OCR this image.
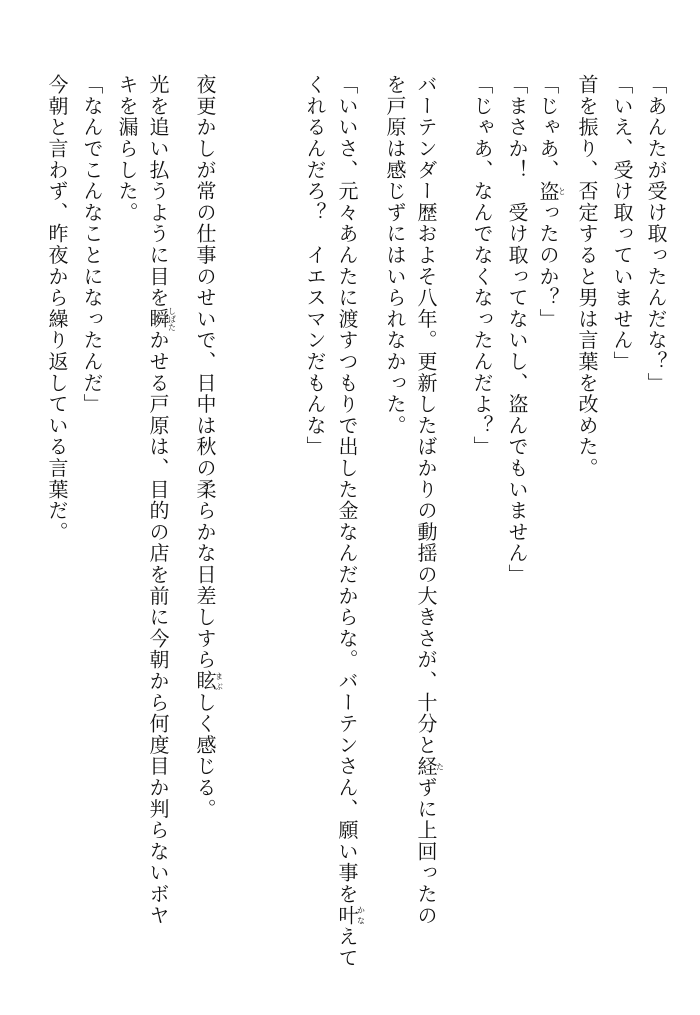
「あんたが受け取ったんだな？」
「いえ、受け取っていません」
首を振り、否定すると男は言葉を改めた。
「じゃあ、盗とったのか？」
「まさか！　受け取ってないし、盗んでもいません」
「じゃあ、なんでなくなったんだよ？」
バーテンダー歴およそ八年。更新したばかりの動揺の大きさが、十分と経たずに上回ったの
を戸原は感じずにはいられなかった。
「いいさ、元々あんたに渡すつもりで出した金なんだからな。バーテンさん、願い事を叶かなえて
くれるんだろ？　イエスマンだもんな」
夜更かしが常の仕事のせいで、日中は秋の柔らかな日差しすら眩まぶしく感じる。
光を追い払うように目を瞬しばたかせる戸原は、目的の店を前に今朝から何度目か判らないボヤ
キを漏らした。
「なんでこんなことになったんだ」
今朝と言わず、昨夜から繰り返している言葉だ。
